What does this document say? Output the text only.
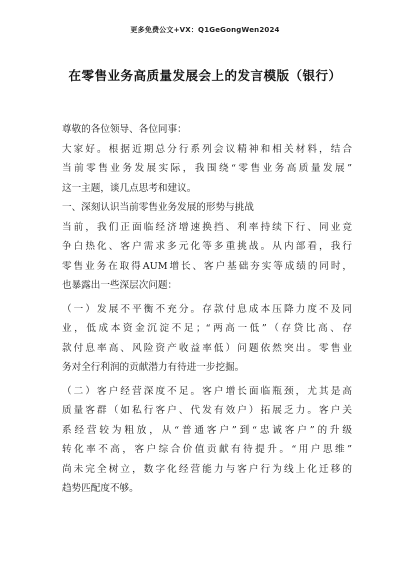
更多免费公文+VX：Q1GeGongWen2024
在零售业务高质量发展会上的发言模版（银行）
尊敬的各位领导、各位同事：
大家好。根据近期总分行系列会议精神和相关材料，结合
当前零售业务发展实际，我围绕“零售业务高质量发展”
这一主题，谈几点思考和建议。
一、深刻认识当前零售业务发展的形势与挑战
当前，我们正面临经济增速换挡、利率持续下行、同业竞
争白热化、客户需求多元化等多重挑战。从内部看，我行
零售业务在取得AUM增长、客户基础夯实等成绩的同时，
也暴露出一些深层次问题：
（一）发展不平衡不充分。存款付息成本压降力度不及同
业，低成本资金沉淀不足；“两高一低”（存贷比高、存
款付息率高、风险资产收益率低）问题依然突出。零售业
务对全行利润的贡献潜力有待进一步挖掘。
（二）客户经营深度不足。客户增长面临瓶颈，尤其是高
质量客群（如私行客户、代发有效户）拓展乏力。客户关
系经营较为粗放，从“普通客户”到“忠诚客户”的升级
转化率不高，客户综合价值贡献有待提升。“用户思维”
尚未完全树立，数字化经营能力与客户行为线上化迁移的
趋势匹配度不够。
